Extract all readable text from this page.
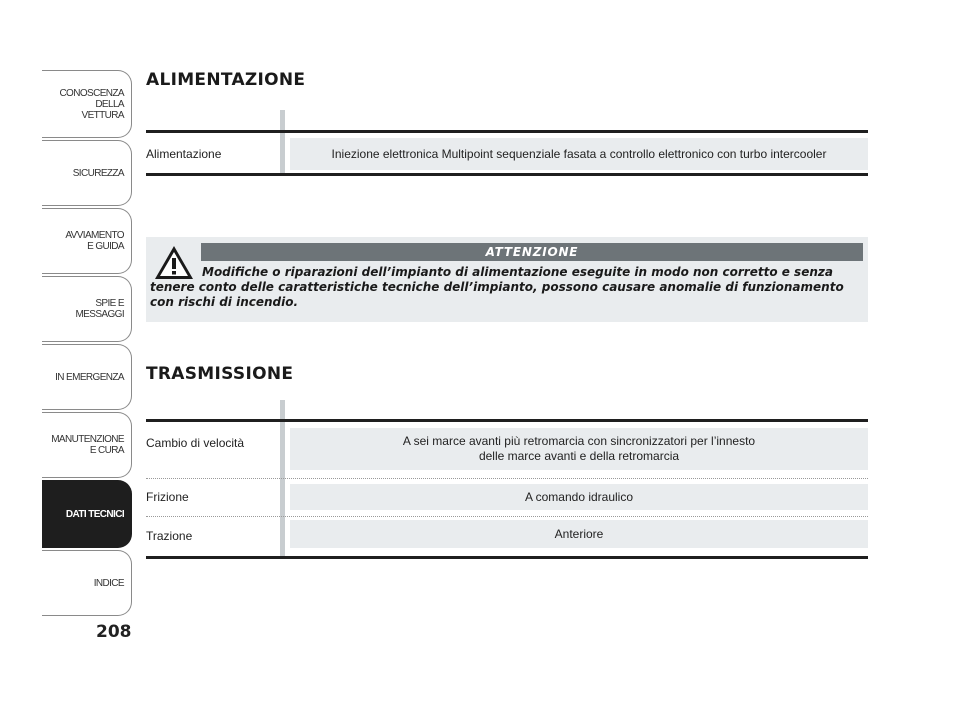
CONOSCENZA
DELLA
VETTURA
SICUREZZA
AVVIAMENTO
E GUIDA
SPIE E
MESSAGGI
IN EMERGENZA
MANUTENZIONE
E CURA
DATI TECNICI
INDICE
208
ALIMENTAZIONE
Alimentazione	Iniezione elettronica Multipoint sequenziale fasata a controllo elettronico con turbo intercooler
ATTENZIONE
Modifiche o riparazioni dell’impianto di alimentazione eseguite in modo non corretto e senza tenere conto delle caratteristiche tecniche dell’impianto, possono causare anomalie di funzionamento con rischi di incendio.
TRASMISSIONE
Cambio di velocità	A sei marce avanti più retromarcia con sincronizzatori per l’innesto
delle marce avanti e della retromarcia
Frizione	A comando idraulico
Trazione	Anteriore
